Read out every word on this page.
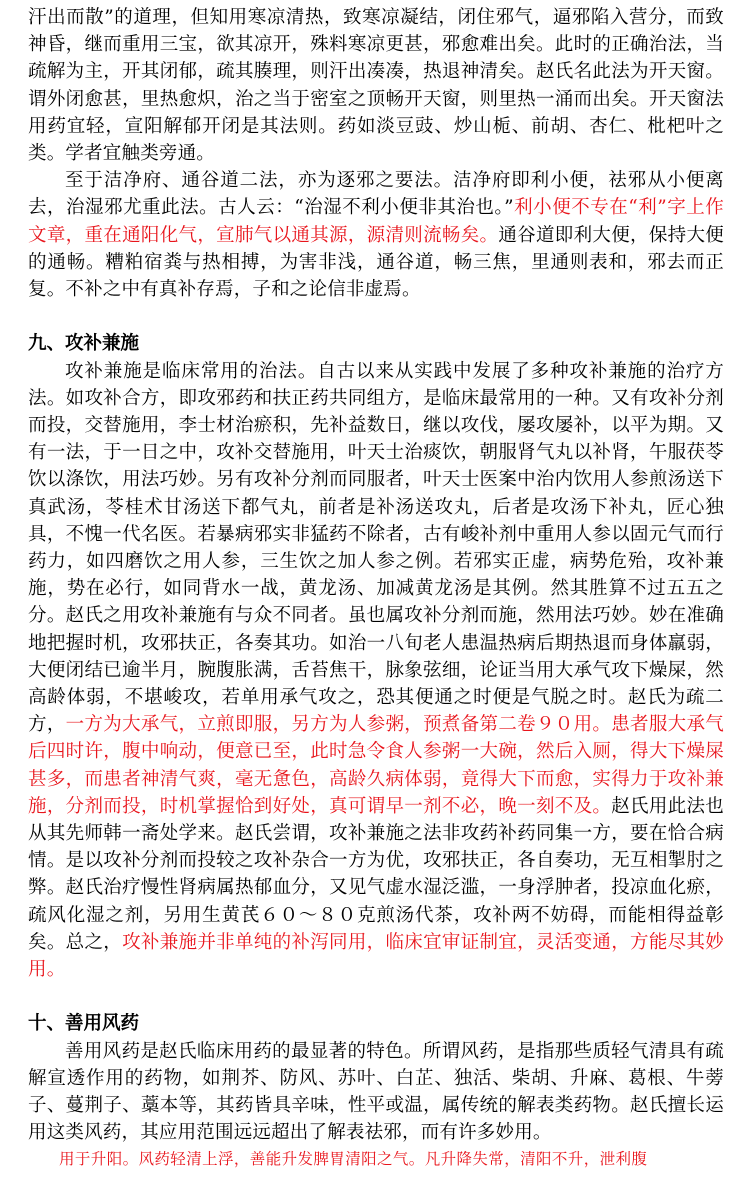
汗出而散”的道理，但知用寒凉清热，致寒凉凝结，闭住邪气，逼邪陷入营分，而致神昏，继而重用三宝，欲其凉开，殊料寒凉更甚，邪愈难出矣。此时的正确治法，当疏解为主，开其闭郁，疏其腠理，则汗出凑凑，热退神清矣。赵氏名此法为开天窗。谓外闭愈甚，里热愈炽，治之当于密室之顶畅开天窗，则里热一涌而出矣。开天窗法用药宜轻，宣阳解郁开闭是其法则。药如淡豆豉、炒山栀、前胡、杏仁、枇杷叶之类。学者宜触类旁通。

至于洁净府、通谷道二法，亦为逐邪之要法。洁净府即利小便，祛邪从小便离去，治湿邪尤重此法。古人云：“治湿不利小便非其治也。”利小便不专在“利”字上作文章，重在通阳化气，宣肺气以通其源，源清则流畅矣。通谷道即利大便，保持大便的通畅。糟粕宿粪与热相搏，为害非浅，通谷道，畅三焦，里通则表和，邪去而正复。不补之中有真补存焉，子和之论信非虚焉。

九、攻补兼施

攻补兼施是临床常用的治法。自古以来从实践中发展了多种攻补兼施的治疗方法。如攻补合方，即攻邪药和扶正药共同组方，是临床最常用的一种。又有攻补分剂而投，交替施用，李士材治瘀积，先补益数日，继以攻伐，屡攻屡补，以平为期。又有一法，于一日之中，攻补交替施用，叶天士治痰饮，朝服肾气丸以补肾，午服茯苓饮以涤饮，用法巧妙。另有攻补分剂而同服者，叶天士医案中治内饮用人参煎汤送下真武汤，苓桂术甘汤送下都气丸，前者是补汤送攻丸，后者是攻汤下补丸，匠心独具，不愧一代名医。若暴病邪实非猛药不除者，古有峻补剂中重用人参以固元气而行药力，如四磨饮之用人参，三生饮之加人参之例。若邪实正虚，病势危殆，攻补兼施，势在必行，如同背水一战，黄龙汤、加减黄龙汤是其例。然其胜算不过五五之分。赵氏之用攻补兼施有与众不同者。虽也属攻补分剂而施，然用法巧妙。妙在准确地把握时机，攻邪扶正，各奏其功。如治一八旬老人患温热病后期热退而身体羸弱，大便闭结已逾半月，腕腹胀满，舌苔焦干，脉象弦细，论证当用大承气攻下燥屎，然高龄体弱，不堪峻攻，若单用承气攻之，恐其便通之时便是气脱之时。赵氏为疏二方，一方为大承气，立煎即服，另方为人参粥，预煮备第二卷９０用。患者服大承气后四时许，腹中响动，便意已至，此时急令食人参粥一大碗，然后入厕，得大下燥屎甚多，而患者神清气爽，毫无惫色，高龄久病体弱，竟得大下而愈，实得力于攻补兼施，分剂而投，时机掌握恰到好处，真可谓早一剂不必，晚一刻不及。赵氏用此法也从其先师韩一斋处学来。赵氏尝谓，攻补兼施之法非攻药补药同集一方，要在恰合病情。是以攻补分剂而投较之攻补杂合一方为优，攻邪扶正，各自奏功，无互相掣肘之弊。赵氏治疗慢性肾病属热郁血分，又见气虚水湿泛滥，一身浮肿者，投凉血化瘀，疏风化湿之剂，另用生黄芪６０～８０克煎汤代茶，攻补两不妨碍，而能相得益彰矣。总之，攻补兼施并非单纯的补泻同用，临床宜审证制宜，灵活变通，方能尽其妙用。

十、善用风药

善用风药是赵氏临床用药的最显著的特色。所谓风药，是指那些质轻气清具有疏解宣透作用的药物，如荆芥、防风、苏叶、白芷、独活、柴胡、升麻、葛根、牛蒡子、蔓荆子、藁本等，其药皆具辛味，性平或温，属传统的解表类药物。赵氏擅长运用这类风药，其应用范围远远超出了解表祛邪，而有许多妙用。

用于升阳。风药轻清上浮，善能升发脾胃清阳之气。凡升降失常，清阳不升，泄利腹
